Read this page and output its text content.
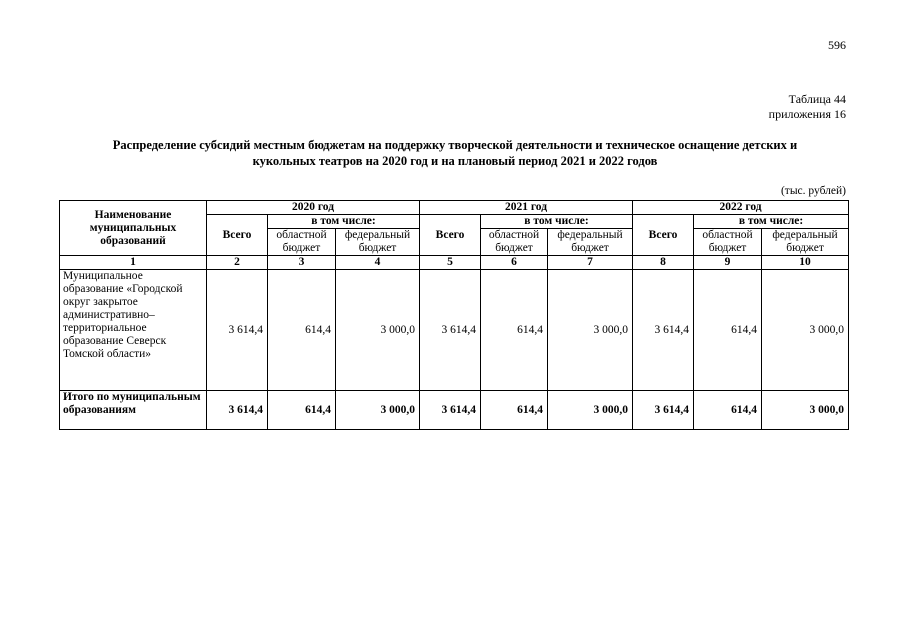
596
Таблица 44
приложения 16
Распределение субсидий местным бюджетам на поддержку творческой деятельности и техническое оснащение детских и
кукольных театров на 2020 год и на плановый период 2021 и 2022 годов
(тыс. рублей)
Наименование муниципальных образований	2020 год			2021 год			2022 год		
	Всего	в том числе:		Всего	в том числе:		Всего	в том числе:	
		областной бюджет	федеральный бюджет		областной бюджет	федеральный бюджет		областной бюджет	федеральный бюджет
1	2	3	4	5	6	7	8	9	10
Муниципальное образование «Городской округ закрытое административно–территориальное образование Северск Томской области»	3 614,4	614,4	3 000,0	3 614,4	614,4	3 000,0	3 614,4	614,4	3 000,0
Итого по муниципальным образованиям	3 614,4	614,4	3 000,0	3 614,4	614,4	3 000,0	3 614,4	614,4	3 000,0
